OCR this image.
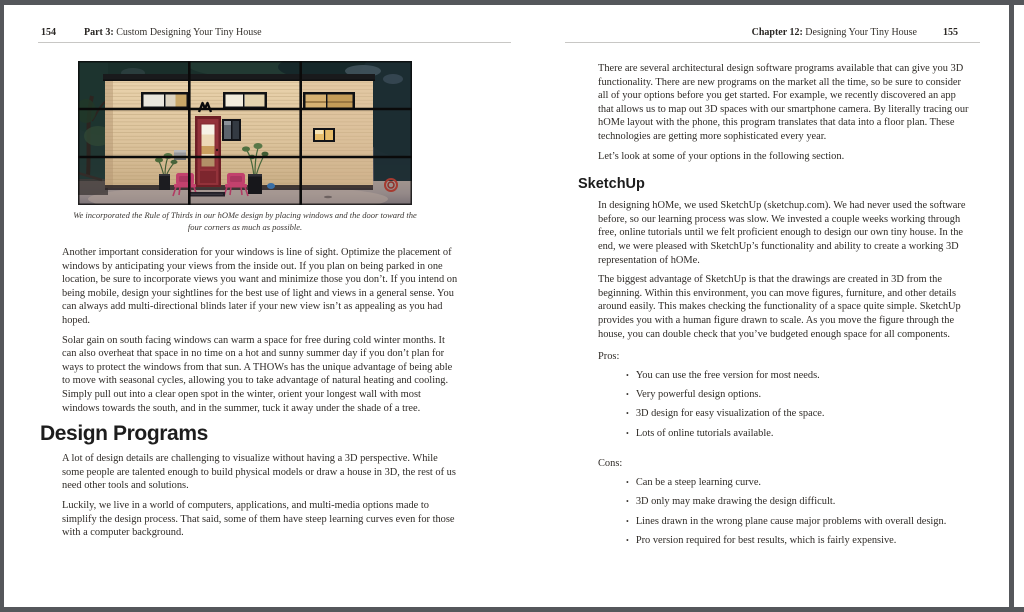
154	Part 3: Custom Designing Your Tiny House
We incorporated the Rule of Thirds in our hOMe design by placing windows and the door toward the four corners as much as possible.

Another important consideration for your windows is line of sight. Optimize the placement of windows by anticipating your views from the inside out. If you plan on being parked in one location, be sure to incorporate views you want and minimize those you don’t. If you intend on being mobile, design your sightlines for the best use of light and views in a general sense. You can always add multi-directional blinds later if your new view isn’t as appealing as you had hoped.

Solar gain on south facing windows can warm a space for free during cold winter months. It can also overheat that space in no time on a hot and sunny summer day if you don’t plan for ways to protect the windows from that sun. A THOWs has the unique advantage of being able to move with seasonal cycles, allowing you to take advantage of natural heating and cooling. Simply pull out into a clear open spot in the winter, orient your longest wall with most windows towards the south, and in the summer, tuck it away under the shade of a tree.

Design Programs

A lot of design details are challenging to visualize without having a 3D perspective. While some people are talented enough to build physical models or draw a house in 3D, the rest of us need other tools and solutions.

Luckily, we live in a world of computers, applications, and multi-media options made to simplify the design process. That said, some of them have steep learning curves even for those with a computer background.

Chapter 12: Designing Your Tiny House	155

There are several architectural design software programs available that can give you 3D functionality. There are new programs on the market all the time, so be sure to consider all of your options before you get started. For example, we recently discovered an app that allows us to map out 3D spaces with our smartphone camera. By literally tracing our hOMe layout with the phone, this program translates that data into a floor plan. These technologies are getting more sophisticated every year.

Let’s look at some of your options in the following section.

SketchUp

In designing hOMe, we used SketchUp (sketchup.com). We had never used the software before, so our learning process was slow. We invested a couple weeks working through free, online tutorials until we felt proficient enough to design our own tiny house. In the end, we were pleased with SketchUp’s functionality and ability to create a working 3D representation of hOMe.

The biggest advantage of SketchUp is that the drawings are created in 3D from the beginning. Within this environment, you can move figures, furniture, and other details around easily. This makes checking the functionality of a space quite simple. SketchUp provides you with a human figure drawn to scale. As you move the figure through the house, you can double check that you’ve budgeted enough space for all components.

Pros:

• You can use the free version for most needs.
• Very powerful design options.
• 3D design for easy visualization of the space.
• Lots of online tutorials available.

Cons:

• Can be a steep learning curve.
• 3D only may make drawing the design difficult.
• Lines drawn in the wrong plane cause major problems with overall design.
• Pro version required for best results, which is fairly expensive.
